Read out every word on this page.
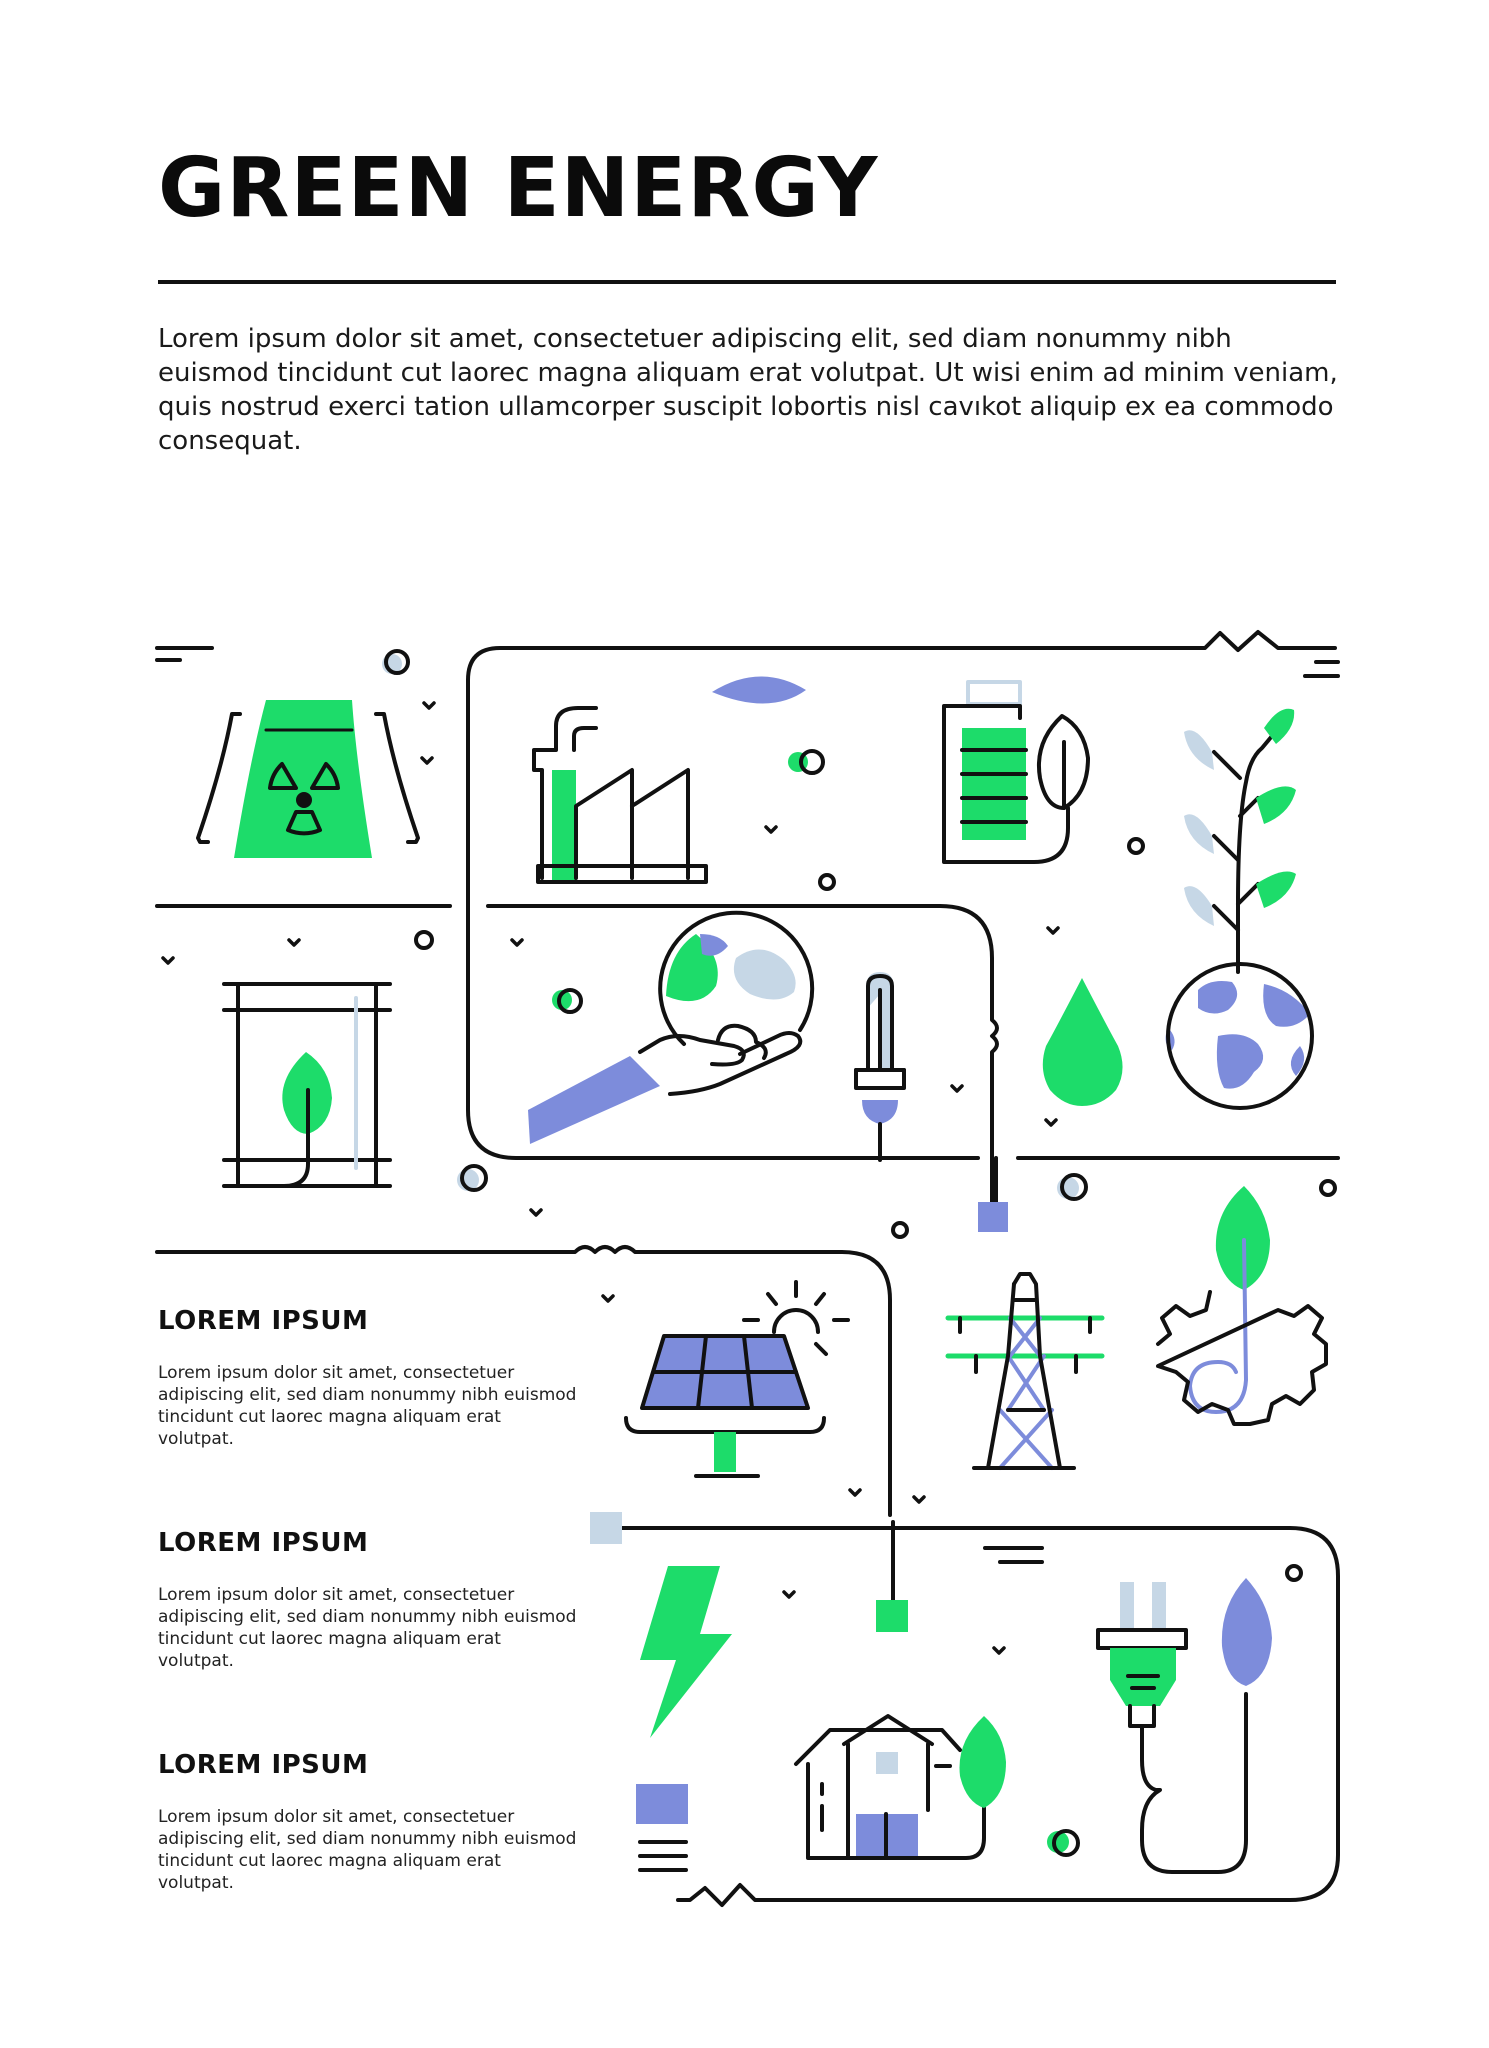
GREEN ENERGY

Lorem ipsum dolor sit amet, consectetuer adipiscing elit, sed diam nonummy nibh euismod tincidunt cut laorec magna aliquam erat volutpat. Ut wisi enim ad minim veniam, quis nostrud exerci tation ullamcorper suscipit lobortis nisl cavıkot aliquip ex ea commodo consequat.

LOREM IPSUM

Lorem ipsum dolor sit amet, consectetuer adipiscing elit, sed diam nonummy nibh euismod tincidunt cut laorec magna aliquam erat volutpat.

LOREM IPSUM

Lorem ipsum dolor sit amet, consectetuer adipiscing elit, sed diam nonummy nibh euismod tincidunt cut laorec magna aliquam erat volutpat.

LOREM IPSUM

Lorem ipsum dolor sit amet, consectetuer adipiscing elit, sed diam nonummy nibh euismod tincidunt cut laorec magna aliquam erat volutpat.
